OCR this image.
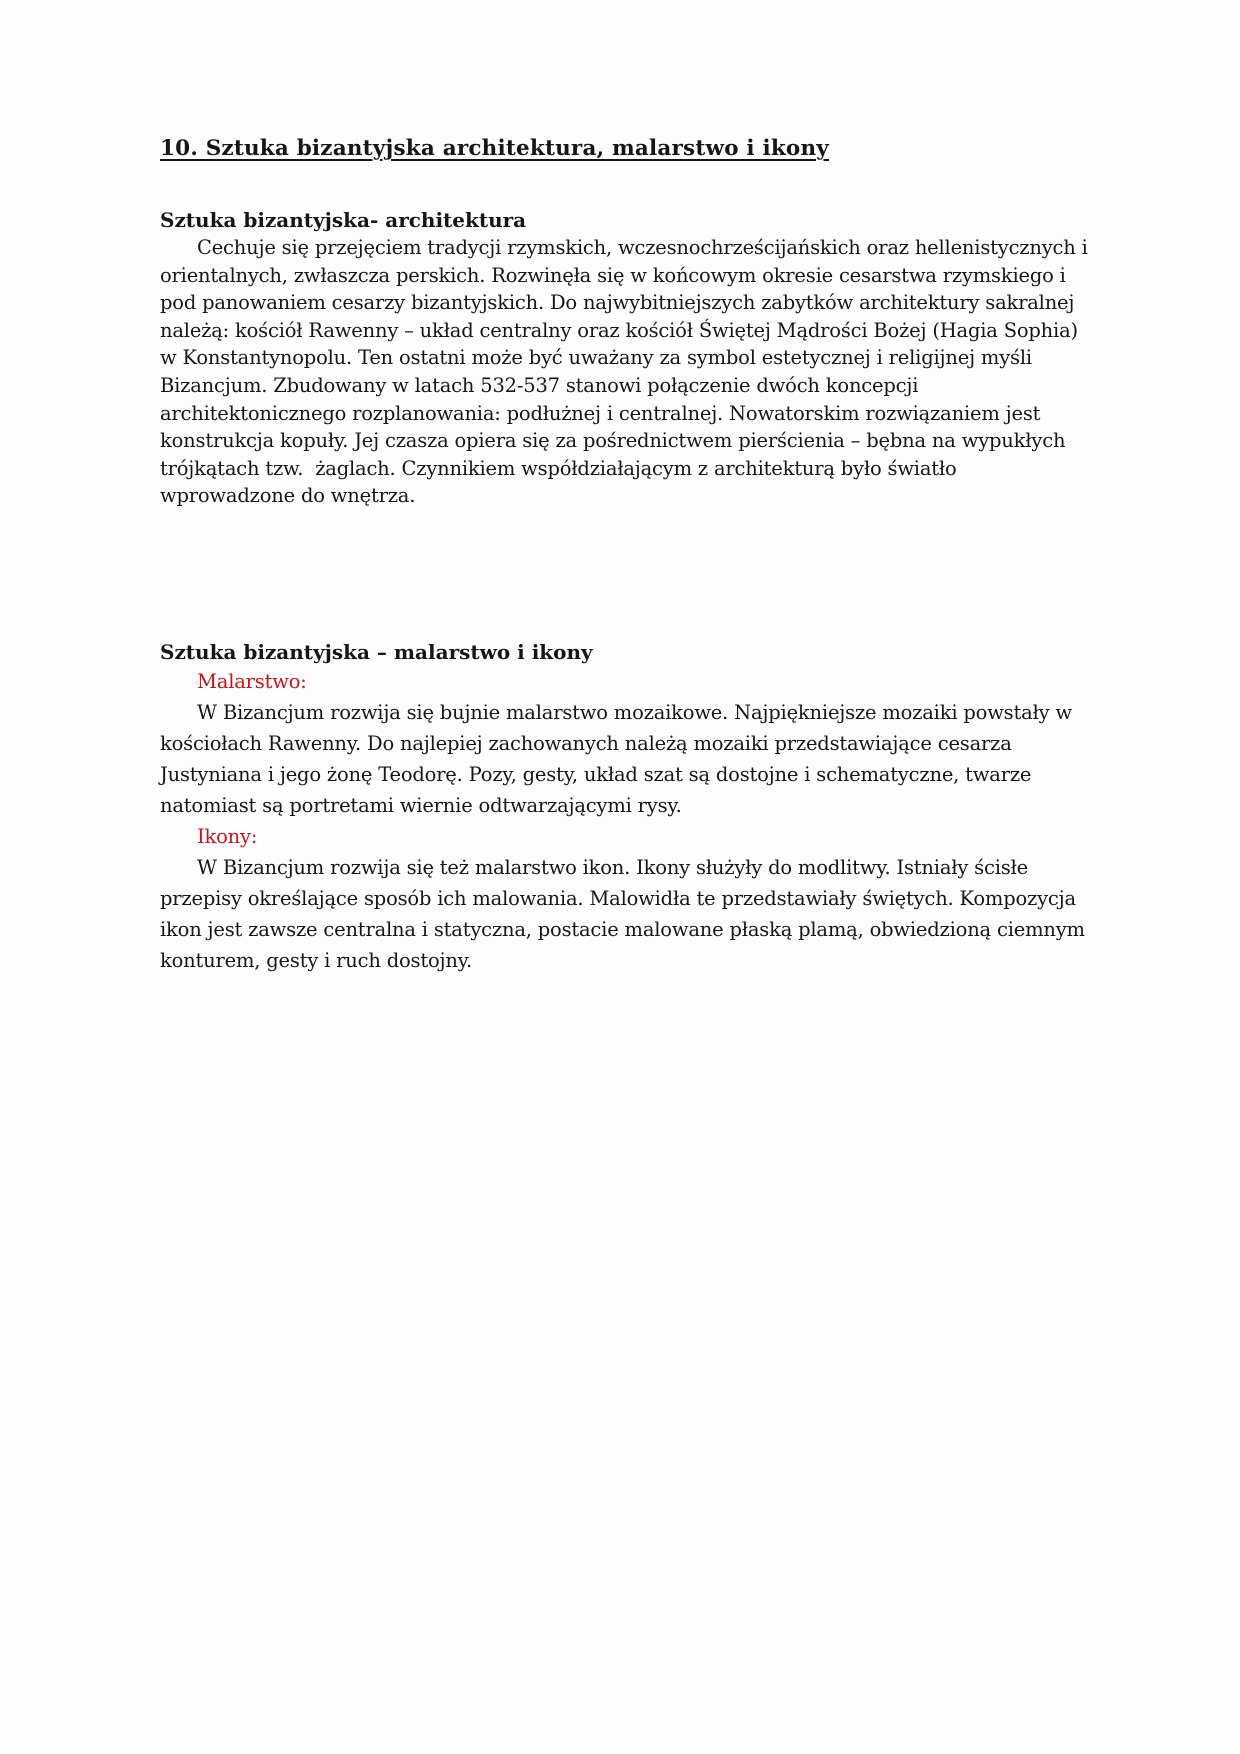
10. Sztuka bizantyjska architektura, malarstwo i ikony
Sztuka bizantyjska- architektura
Cechuje się przejęciem tradycji rzymskich, wczesnochrześcijańskich oraz hellenistycznych i
orientalnych, zwłaszcza perskich. Rozwinęła się w końcowym okresie cesarstwa rzymskiego i
pod panowaniem cesarzy bizantyjskich. Do najwybitniejszych zabytków architektury sakralnej
należą: kościół Rawenny – układ centralny oraz kościół Świętej Mądrości Bożej (Hagia Sophia)
w Konstantynopolu. Ten ostatni może być uważany za symbol estetycznej i religijnej myśli
Bizancjum. Zbudowany w latach 532-537 stanowi połączenie dwóch koncepcji
architektonicznego rozplanowania: podłużnej i centralnej. Nowatorskim rozwiązaniem jest
konstrukcja kopuły. Jej czasza opiera się za pośrednictwem pierścienia – bębna na wypukłych
trójkątach tzw.  żaglach. Czynnikiem współdziałającym z architekturą było światło
wprowadzone do wnętrza.
Sztuka bizantyjska – malarstwo i ikony
Malarstwo:
W Bizancjum rozwija się bujnie malarstwo mozaikowe. Najpiękniejsze mozaiki powstały w
kościołach Rawenny. Do najlepiej zachowanych należą mozaiki przedstawiające cesarza
Justyniana i jego żonę Teodorę. Pozy, gesty, układ szat są dostojne i schematyczne, twarze
natomiast są portretami wiernie odtwarzającymi rysy.
Ikony:
W Bizancjum rozwija się też malarstwo ikon. Ikony służyły do modlitwy. Istniały ścisłe
przepisy określające sposób ich malowania. Malowidła te przedstawiały świętych. Kompozycja
ikon jest zawsze centralna i statyczna, postacie malowane płaską plamą, obwiedzioną ciemnym
konturem, gesty i ruch dostojny.
